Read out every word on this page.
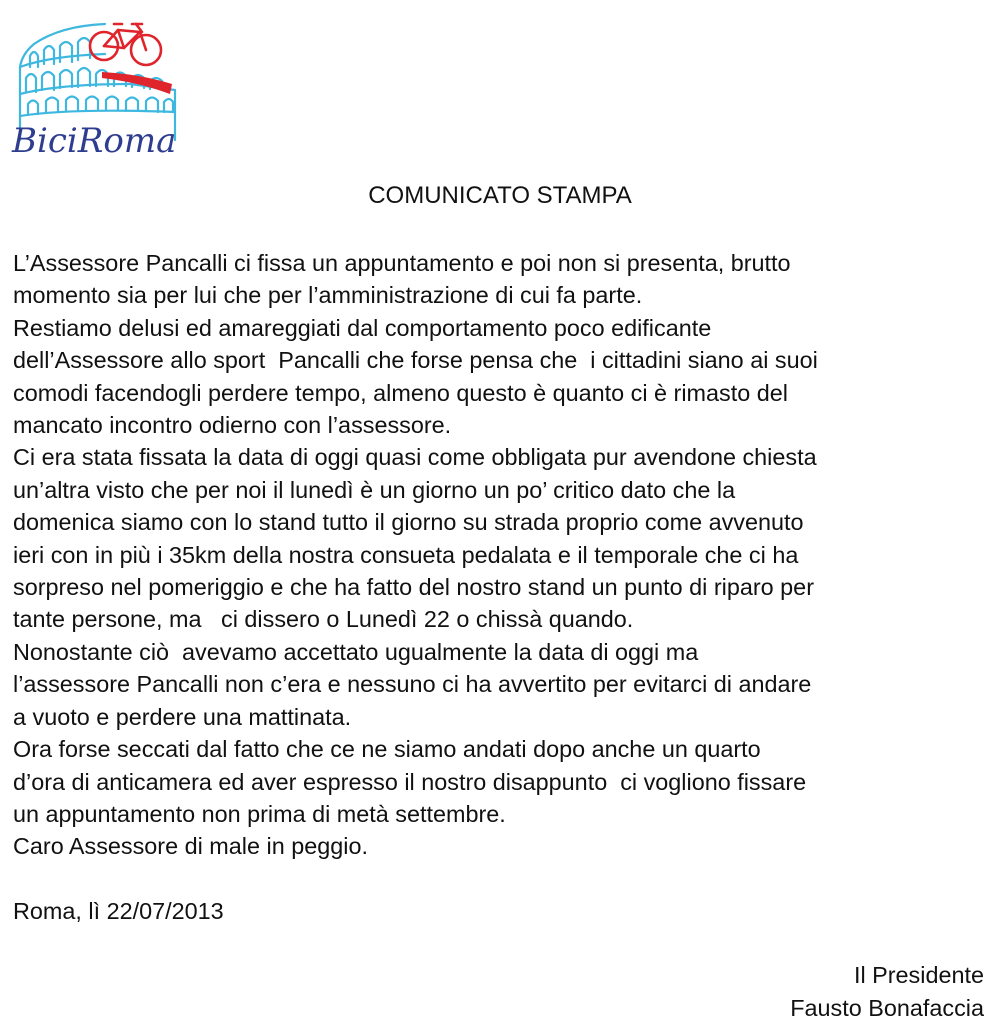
BiciRoma
COMUNICATO STAMPA
L’Assessore Pancalli ci fissa un appuntamento e poi non si presenta, brutto
momento sia per lui che per l’amministrazione di cui fa parte.
Restiamo delusi ed amareggiati dal comportamento poco edificante
dell’Assessore allo sport  Pancalli che forse pensa che  i cittadini siano ai suoi
comodi facendogli perdere tempo, almeno questo è quanto ci è rimasto del
mancato incontro odierno con l’assessore.
Ci era stata fissata la data di oggi quasi come obbligata pur avendone chiesta
un’altra visto che per noi il lunedì è un giorno un po’ critico dato che la
domenica siamo con lo stand tutto il giorno su strada proprio come avvenuto
ieri con in più i 35km della nostra consueta pedalata e il temporale che ci ha
sorpreso nel pomeriggio e che ha fatto del nostro stand un punto di riparo per
tante persone, ma   ci dissero o Lunedì 22 o chissà quando.
Nonostante ciò  avevamo accettato ugualmente la data di oggi ma
l’assessore Pancalli non c’era e nessuno ci ha avvertito per evitarci di andare
a vuoto e perdere una mattinata.
Ora forse seccati dal fatto che ce ne siamo andati dopo anche un quarto
d’ora di anticamera ed aver espresso il nostro disappunto  ci vogliono fissare
un appuntamento non prima di metà settembre.
Caro Assessore di male in peggio.
Roma, lì 22/07/2013
Il Presidente
Fausto Bonafaccia
